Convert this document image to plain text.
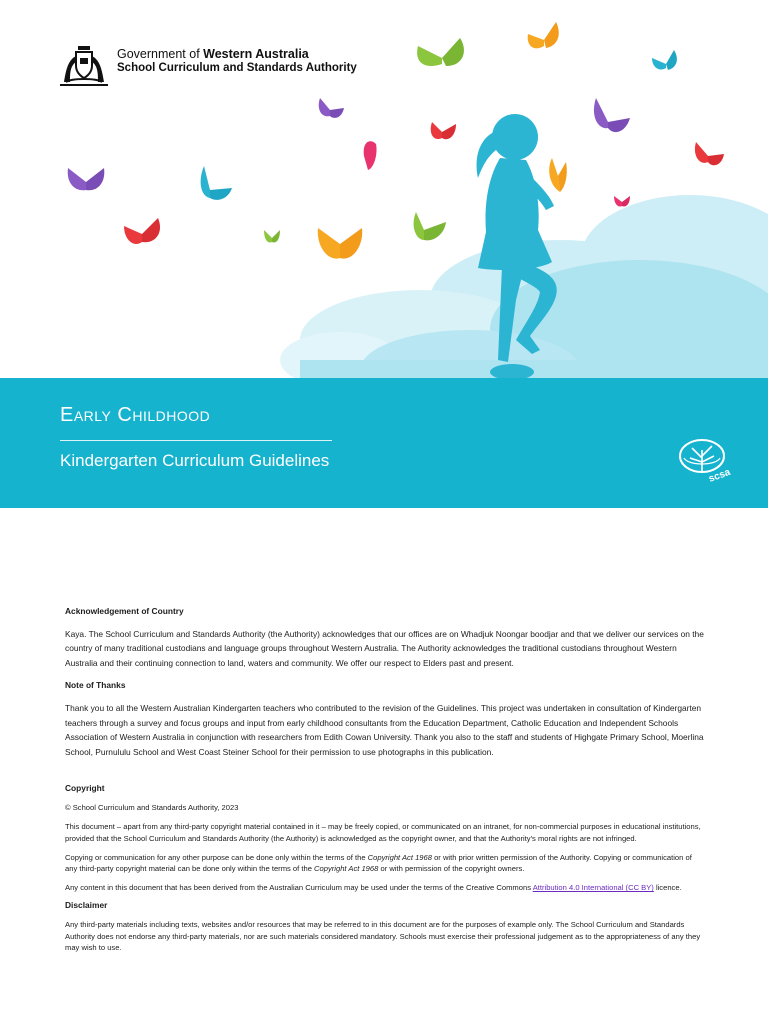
Government of Western Australia
School Curriculum and Standards Authority
Early Childhood
Kindergarten Curriculum Guidelines
scsa
Acknowledgement of Country

Kaya. The School Curriculum and Standards Authority (the Authority) acknowledges that our offices are on Whadjuk Noongar boodjar and that we deliver our services on the country of many traditional custodians and language groups throughout Western Australia. The Authority acknowledges the traditional custodians throughout Western Australia and their continuing connection to land, waters and community. We offer our respect to Elders past and present.

Note of Thanks

Thank you to all the Western Australian Kindergarten teachers who contributed to the revision of the Guidelines. This project was undertaken in consultation of Kindergarten teachers through a survey and focus groups and input from early childhood consultants from the Education Department, Catholic Education and Independent Schools Association of Western Australia in conjunction with researchers from Edith Cowan University. Thank you also to the staff and students of Highgate Primary School, Moerlina School, Purnululu School and West Coast Steiner School for their permission to use photographs in this publication.

Copyright

© School Curriculum and Standards Authority, 2023

This document – apart from any third-party copyright material contained in it – may be freely copied, or communicated on an intranet, for non-commercial purposes in educational institutions, provided that the School Curriculum and Standards Authority (the Authority) is acknowledged as the copyright owner, and that the Authority's moral rights are not infringed.

Copying or communication for any other purpose can be done only within the terms of the Copyright Act 1968 or with prior written permission of the Authority. Copying or communication of any third-party copyright material can be done only within the terms of the Copyright Act 1968 or with permission of the copyright owners.

Any content in this document that has been derived from the Australian Curriculum may be used under the terms of the Creative Commons Attribution 4.0 International (CC BY) licence.

Disclaimer

Any third-party materials including texts, websites and/or resources that may be referred to in this document are for the purposes of example only. The School Curriculum and Standards Authority does not endorse any third-party materials, nor are such materials considered mandatory. Schools must exercise their professional judgement as to the appropriateness of any they may wish to use.
